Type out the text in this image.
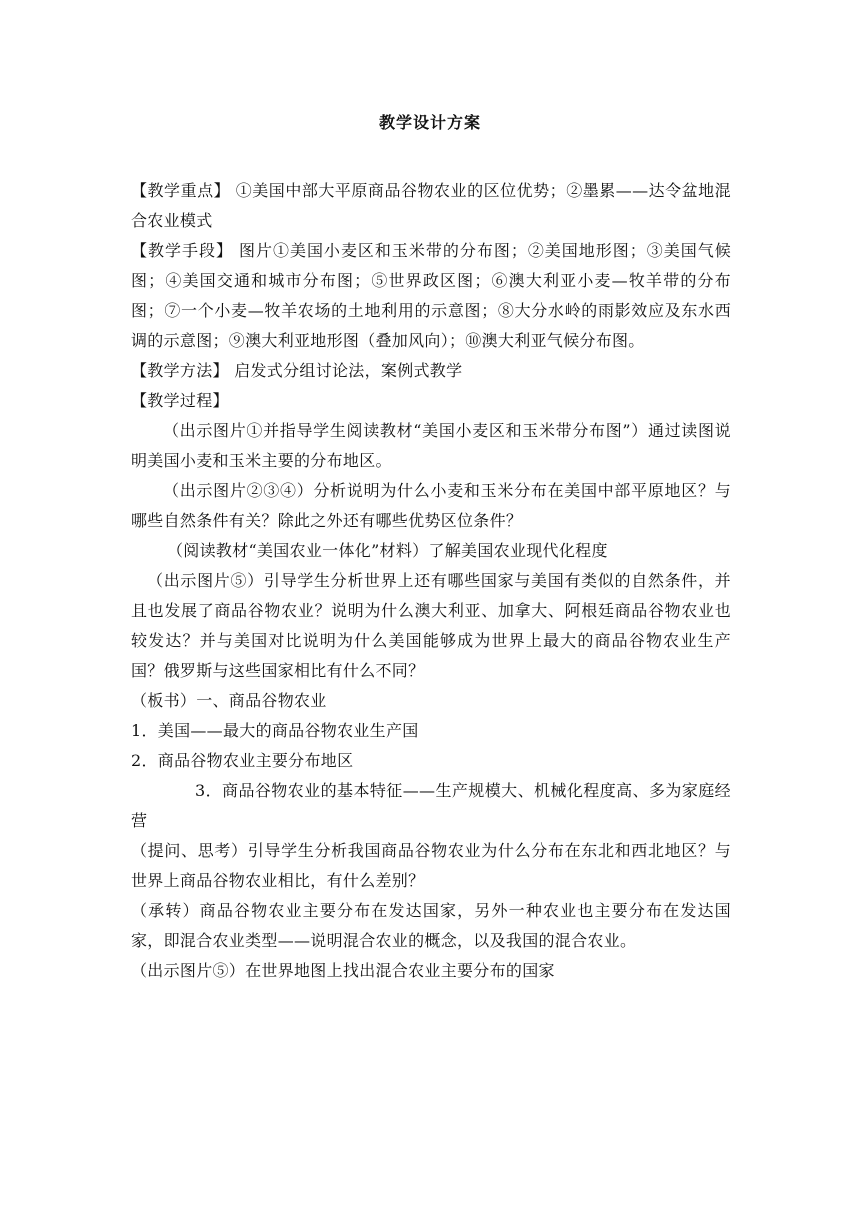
教学设计方案

【教学重点】 ①美国中部大平原商品谷物农业的区位优势；②墨累——达令盆地混合农业模式

【教学手段】 图片①美国小麦区和玉米带的分布图；②美国地形图；③美国气候图；④美国交通和城市分布图；⑤世界政区图；⑥澳大利亚小麦—牧羊带的分布图；⑦一个小麦—牧羊农场的土地利用的示意图；⑧大分水岭的雨影效应及东水西调的示意图；⑨澳大利亚地形图（叠加风向）；⑩澳大利亚气候分布图。

【教学方法】 启发式分组讨论法，案例式教学

【教学过程】

（出示图片①并指导学生阅读教材“美国小麦区和玉米带分布图”）通过读图说明美国小麦和玉米主要的分布地区。

（出示图片②③④）分析说明为什么小麦和玉米分布在美国中部平原地区？与哪些自然条件有关？除此之外还有哪些优势区位条件？

（阅读教材“美国农业一体化”材料）了解美国农业现代化程度

（出示图片⑤）引导学生分析世界上还有哪些国家与美国有类似的自然条件，并且也发展了商品谷物农业？说明为什么澳大利亚、加拿大、阿根廷商品谷物农业也较发达？并与美国对比说明为什么美国能够成为世界上最大的商品谷物农业生产国？俄罗斯与这些国家相比有什么不同？

（板书）一、商品谷物农业

1．美国——最大的商品谷物农业生产国

2．商品谷物农业主要分布地区

3．商品谷物农业的基本特征——生产规模大、机械化程度高、多为家庭经营

（提问、思考）引导学生分析我国商品谷物农业为什么分布在东北和西北地区？与世界上商品谷物农业相比，有什么差别？

（承转）商品谷物农业主要分布在发达国家，另外一种农业也主要分布在发达国家，即混合农业类型——说明混合农业的概念，以及我国的混合农业。

（出示图片⑤）在世界地图上找出混合农业主要分布的国家
